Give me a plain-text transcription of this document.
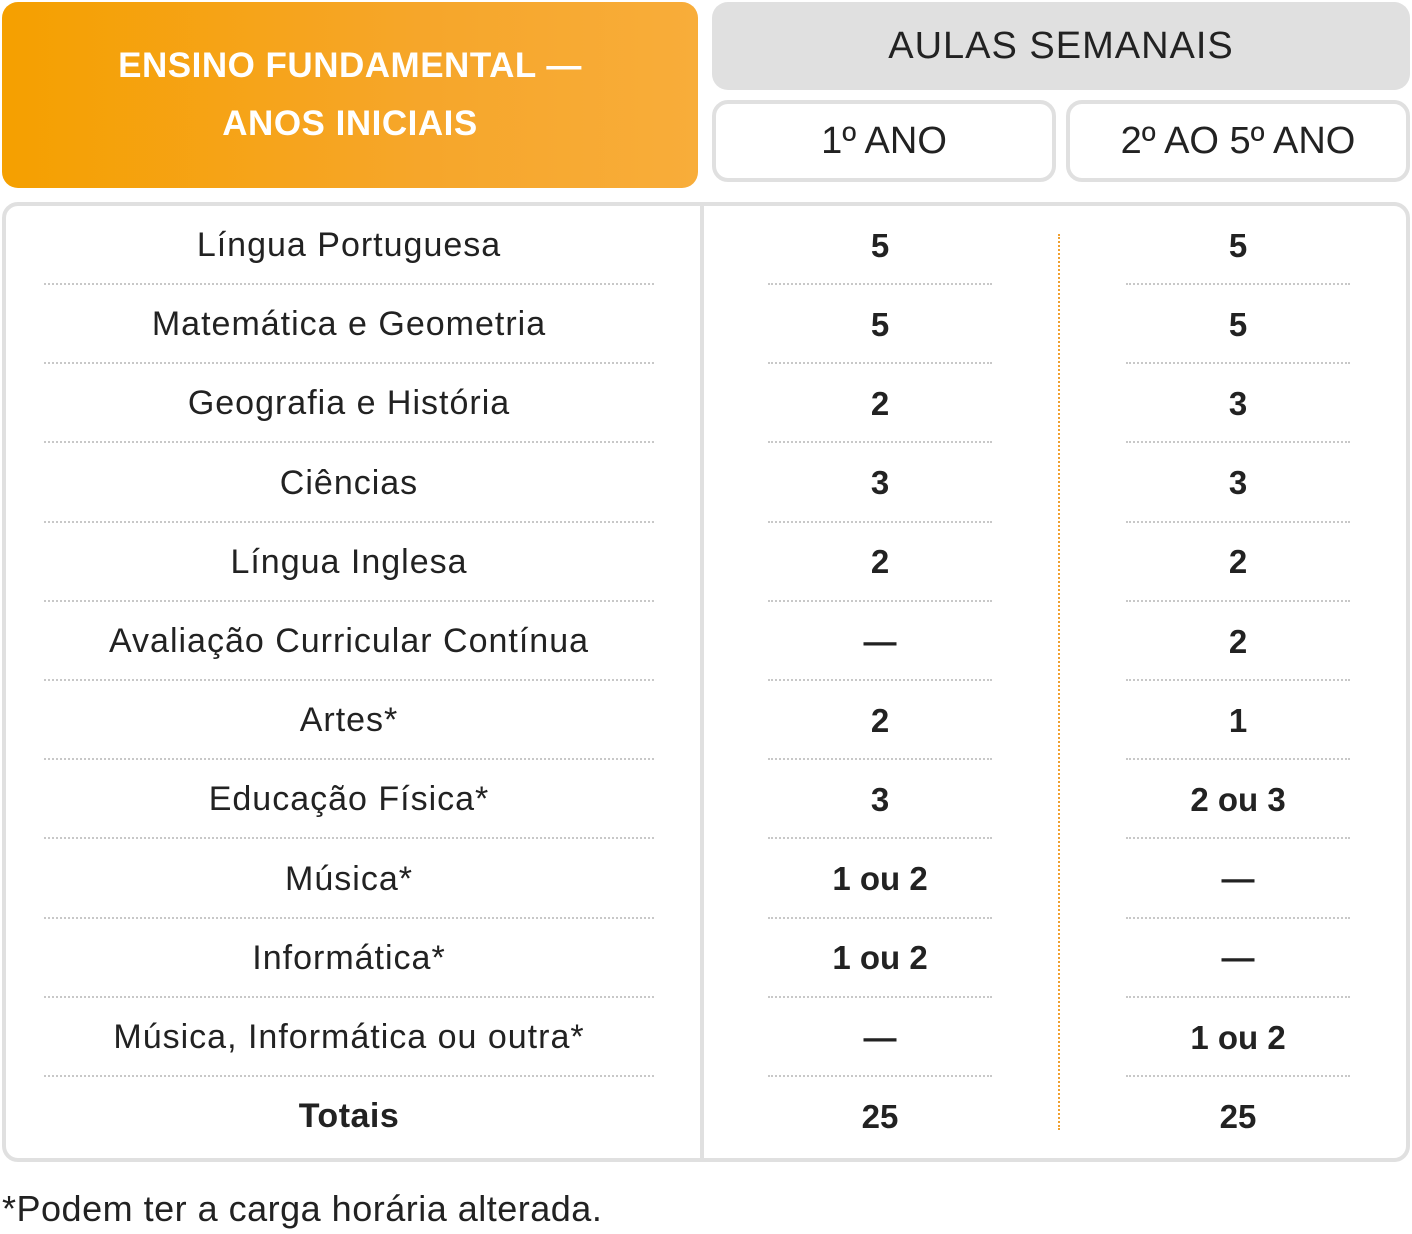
ENSINO FUNDAMENTAL —
ANOS INICIAIS
AULAS SEMANAIS
1º ANO	2º AO 5º ANO
Língua Portuguesa	5	5
Matemática e Geometria	5	5
Geografia e História	2	3
Ciências	3	3
Língua Inglesa	2	2
Avaliação Curricular Contínua	—	2
Artes*	2	1
Educação Física*	3	2 ou 3
Música*	1 ou 2	—
Informática*	1 ou 2	—
Música, Informática ou outra*	—	1 ou 2
Totais	25	25
*Podem ter a carga horária alterada.
